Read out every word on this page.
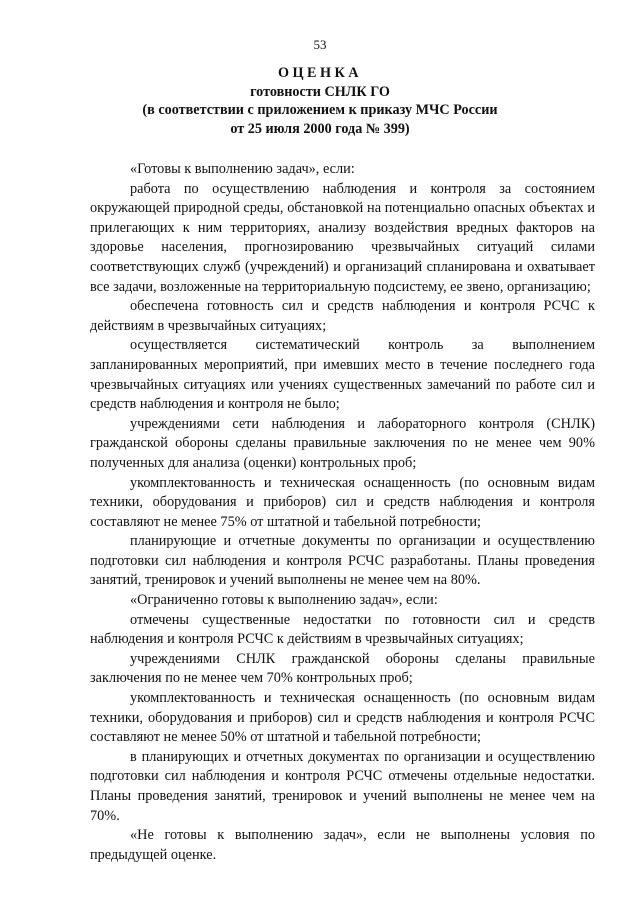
53
ОЦЕНКА
готовности СНЛК ГО
(в соответствии с приложением к приказу МЧС России
от 25 июля 2000 года № 399)

«Готовы к выполнению задач», если:

работа по осуществлению наблюдения и контроля за состоянием окружающей природной среды, обстановкой на потенциально опасных объектах и прилегающих к ним территориях, анализу воздействия вредных факторов на здоровье населения, прогнозированию чрезвычайных ситуаций силами соответствующих служб (учреждений) и организаций спланирована и охватывает все задачи, возложенные на территориальную подсистему, ее звено, организацию;

обеспечена готовность сил и средств наблюдения и контроля РСЧС к действиям в чрезвычайных ситуациях;

осуществляется систематический контроль за выполнением запланированных мероприятий, при имевших место в течение последнего года чрезвычайных ситуациях или учениях существенных замечаний по работе сил и средств наблюдения и контроля не было;

учреждениями сети наблюдения и лабораторного контроля (СНЛК) гражданской обороны сделаны правильные заключения по не менее чем 90% полученных для анализа (оценки) контрольных проб;

укомплектованность и техническая оснащенность (по основным видам техники, оборудования и приборов) сил и средств наблюдения и контроля составляют не менее 75% от штатной и табельной потребности;

планирующие и отчетные документы по организации и осуществлению подготовки сил наблюдения и контроля РСЧС разработаны. Планы проведения занятий, тренировок и учений выполнены не менее чем на 80%.

«Ограниченно готовы к выполнению задач», если:

отмечены существенные недостатки по готовности сил и средств наблюдения и контроля РСЧС к действиям в чрезвычайных ситуациях;

учреждениями СНЛК гражданской обороны сделаны правильные заключения по не менее чем 70% контрольных проб;

укомплектованность и техническая оснащенность (по основным видам техники, оборудования и приборов) сил и средств наблюдения и контроля РСЧС составляют не менее 50% от штатной и табельной потребности;

в планирующих и отчетных документах по организации и осуществлению подготовки сил наблюдения и контроля РСЧС отмечены отдельные недостатки. Планы проведения занятий, тренировок и учений выполнены не менее чем на 70%.

«Не готовы к выполнению задач», если не выполнены условия по предыдущей оценке.
